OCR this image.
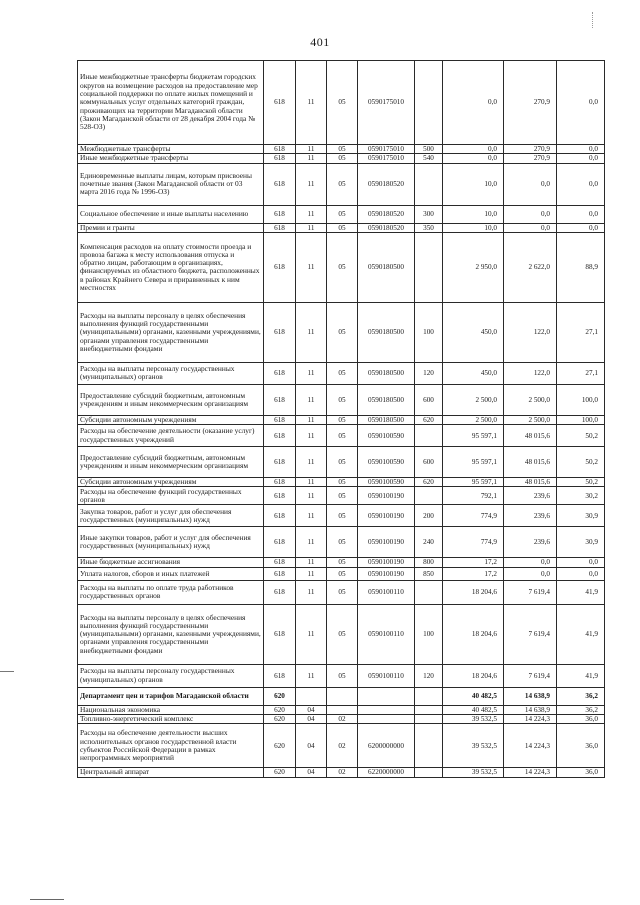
401
Иные межбюджетные трансферты бюджетам городских округов на возмещение расходов на предоставление мер социальной поддержки по оплате жилых помещений и коммунальных услуг отдельных категорий граждан, проживающих на территории Магаданской области (Закон Магаданской области от 28 декабря 2004 года № 528-ОЗ)	618	11	05	0590175010		0,0	270,9	0,0
Межбюджетные трансферты	618	11	05	0590175010	500	0,0	270,9	0,0
Иные межбюджетные трансферты	618	11	05	0590175010	540	0,0	270,9	0,0
Единовременные выплаты лицам, которым присвоены почетные звания (Закон Магаданской области от 03 марта 2016 года № 1996-ОЗ)	618	11	05	0590180520		10,0	0,0	0,0
Социальное обеспечение и иные выплаты населению	618	11	05	0590180520	300	10,0	0,0	0,0
Премии и гранты	618	11	05	0590180520	350	10,0	0,0	0,0
Компенсация расходов на оплату стоимости проезда и провоза багажа к месту использования отпуска и обратно лицам, работающим в организациях, финансируемых из областного бюджета, расположенных в районах Крайнего Севера и приравненных к ним местностях	618	11	05	0590180500		2 950,0	2 622,0	88,9
Расходы на выплаты персоналу в целях обеспечения выполнения функций государственными (муниципальными) органами, казенными учреждениями, органами управления государственными внебюджетными фондами	618	11	05	0590180500	100	450,0	122,0	27,1
Расходы на выплаты персоналу государственных (муниципальных) органов	618	11	05	0590180500	120	450,0	122,0	27,1
Предоставление субсидий бюджетным, автономным учреждениям и иным некоммерческим организациям	618	11	05	0590180500	600	2 500,0	2 500,0	100,0
Субсидии автономным учреждениям	618	11	05	0590180500	620	2 500,0	2 500,0	100,0
Расходы на обеспечение деятельности (оказание услуг) государственных учреждений	618	11	05	0590100590		95 597,1	48 015,6	50,2
Предоставление субсидий бюджетным, автономным учреждениям и иным некоммерческим организациям	618	11	05	0590100590	600	95 597,1	48 015,6	50,2
Субсидии автономным учреждениям	618	11	05	0590100590	620	95 597,1	48 015,6	50,2
Расходы на обеспечение функций государственных органов	618	11	05	0590100190		792,1	239,6	30,2
Закупка товаров, работ и услуг для обеспечения государственных (муниципальных) нужд	618	11	05	0590100190	200	774,9	239,6	30,9
Иные закупки товаров, работ и услуг для обеспечения государственных (муниципальных) нужд	618	11	05	0590100190	240	774,9	239,6	30,9
Иные бюджетные ассигнования	618	11	05	0590100190	800	17,2	0,0	0,0
Уплата налогов, сборов и иных платежей	618	11	05	0590100190	850	17,2	0,0	0,0
Расходы на выплаты по оплате труда работников государственных органов	618	11	05	0590100110		18 204,6	7 619,4	41,9
Расходы на выплаты персоналу в целях обеспечения выполнения функций государственными (муниципальными) органами, казенными учреждениями, органами управления государственными внебюджетными фондами	618	11	05	0590100110	100	18 204,6	7 619,4	41,9
Расходы на выплаты персоналу государственных (муниципальных) органов	618	11	05	0590100110	120	18 204,6	7 619,4	41,9
Департамент цен и тарифов Магаданской области	620					40 482,5	14 638,9	36,2
Национальная экономика	620	04				40 482,5	14 638,9	36,2
Топливно-энергетический комплекс	620	04	02			39 532,5	14 224,3	36,0
Расходы на обеспечение деятельности высших исполнительных органов государственной власти субъектов Российской Федерации в рамках непрограммных мероприятий	620	04	02	6200000000		39 532,5	14 224,3	36,0
Центральный аппарат	620	04	02	6220000000		39 532,5	14 224,3	36,0
